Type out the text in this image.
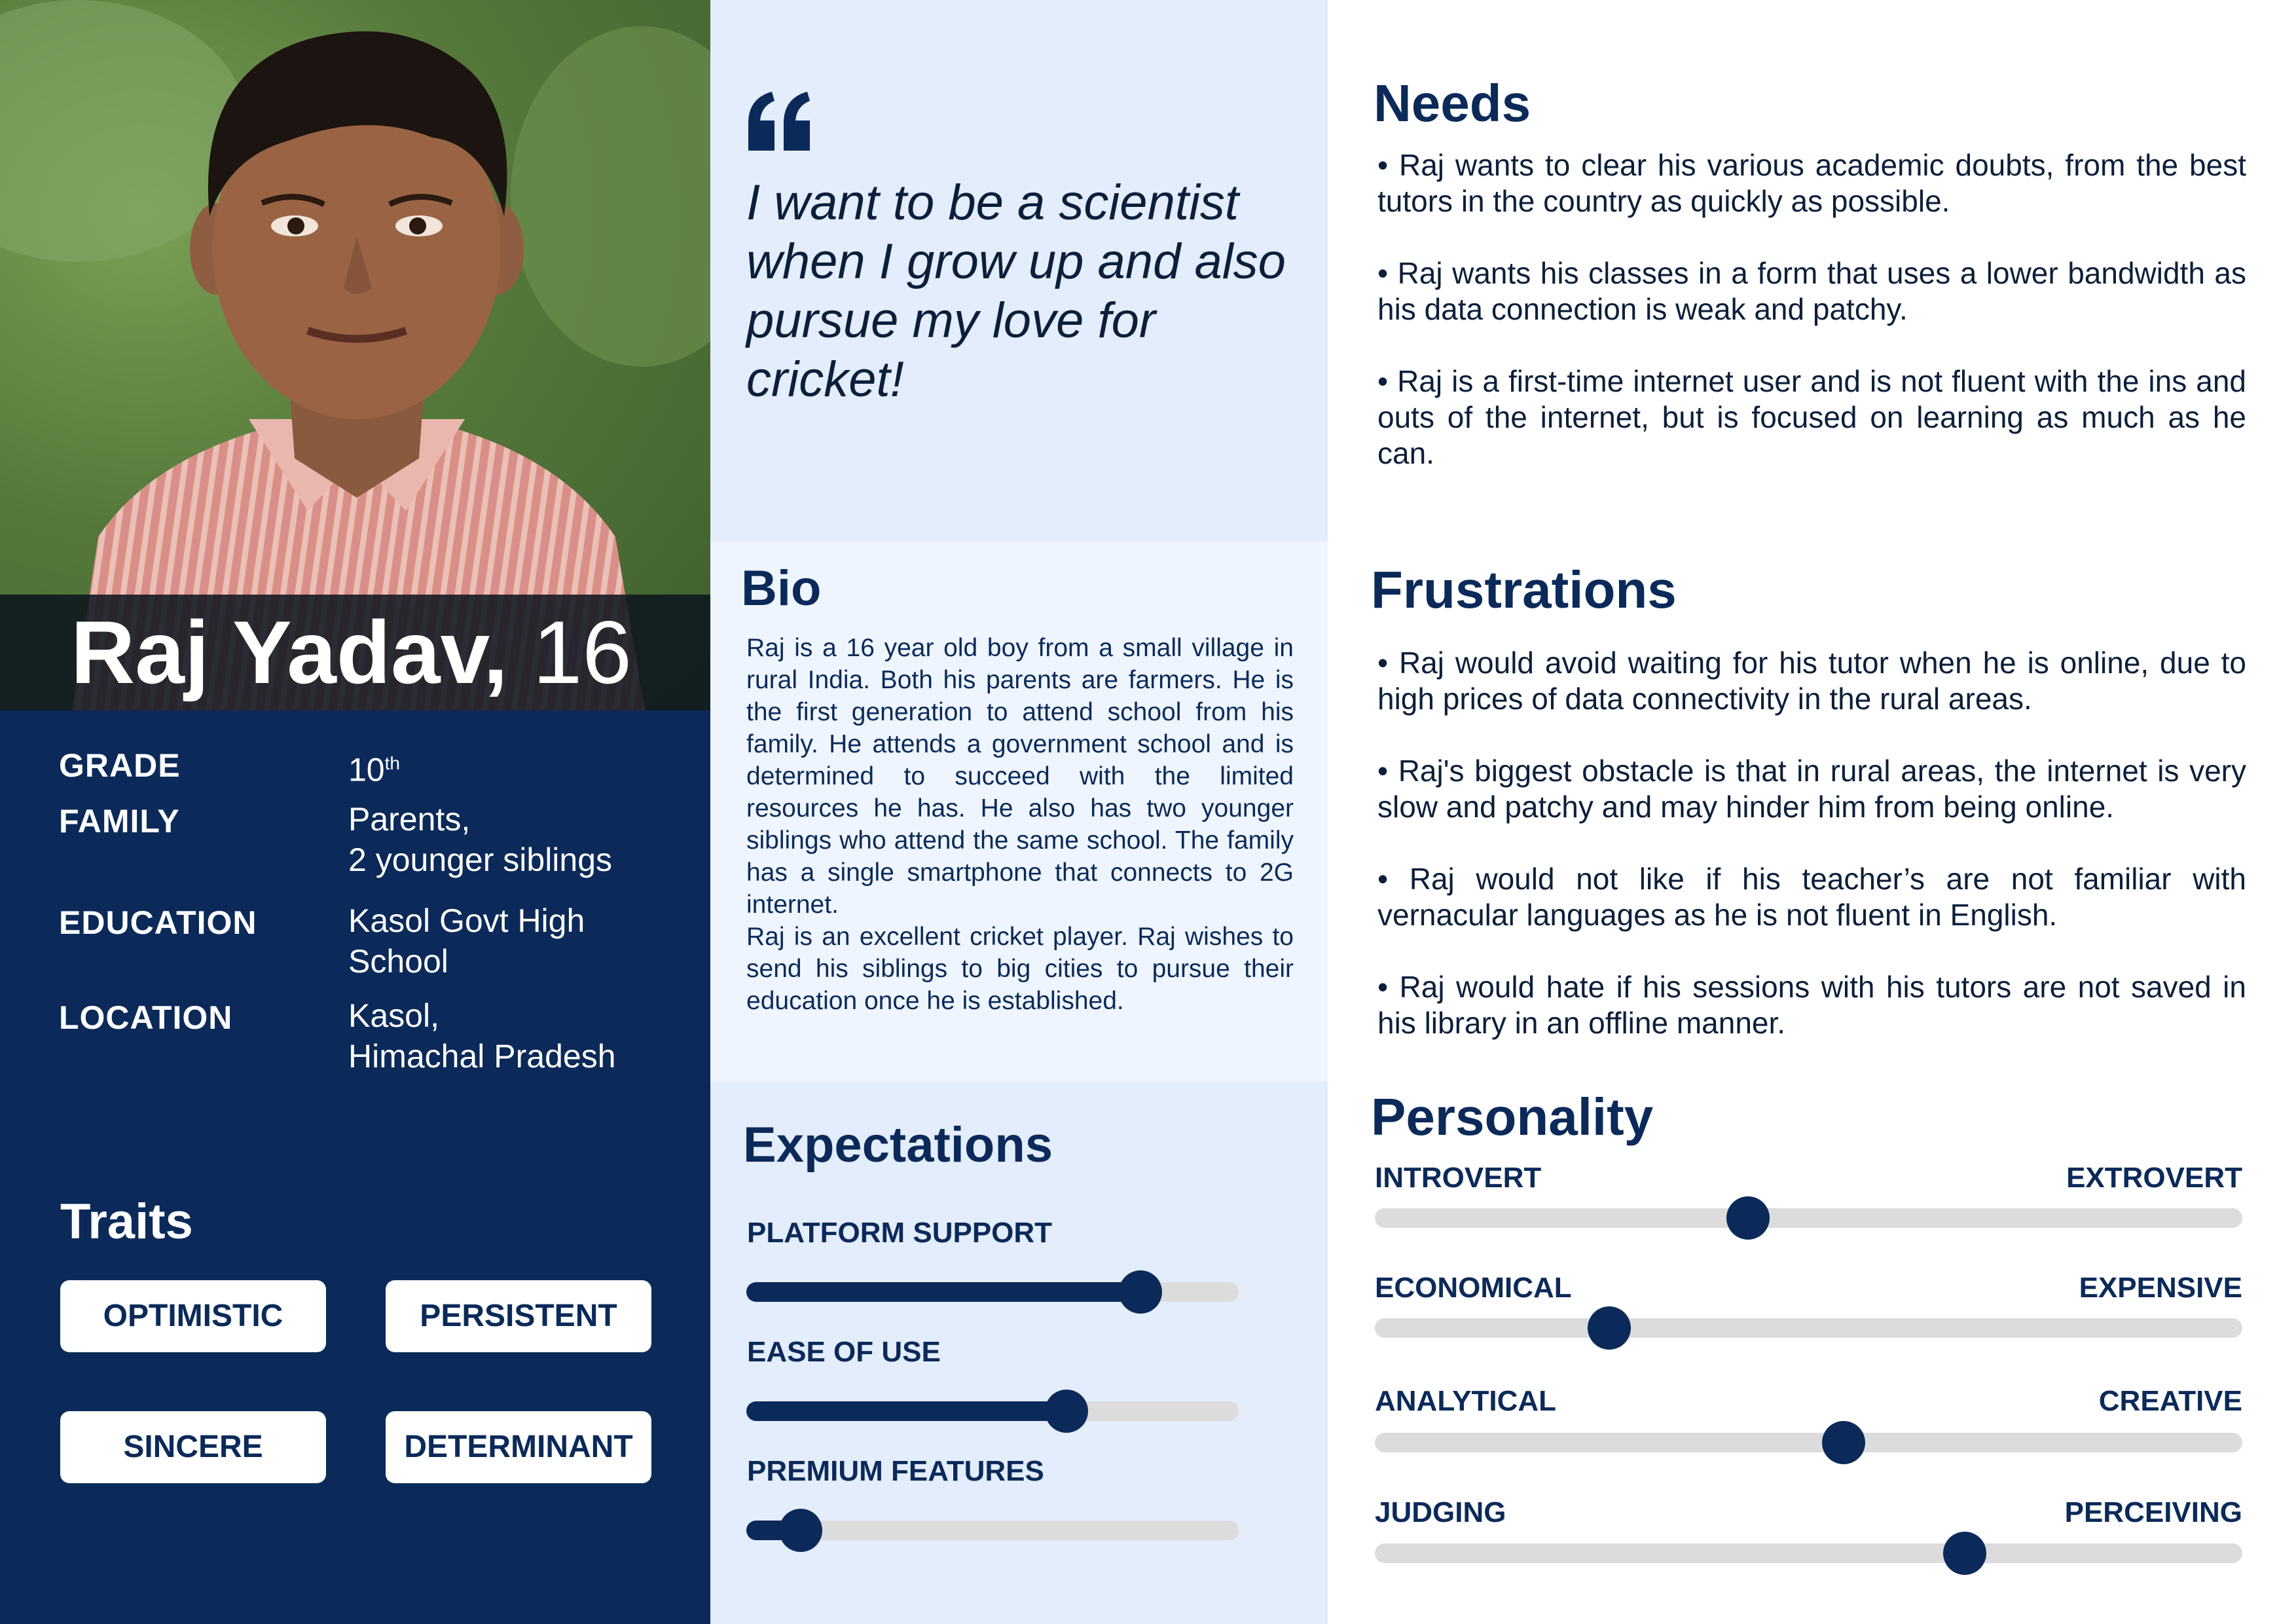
Raj Yadav, 16
GRADE	10th
FAMILY	Parents,
2 younger siblings
EDUCATION	Kasol Govt High
School
LOCATION	Kasol,
Himachal Pradesh
Traits
OPTIMISTIC	PERSISTENT
SINCERE	DETERMINANT
I want to be a scientist when I grow up and also pursue my love for cricket!
Bio

Raj is a 16 year old boy from a small village in rural India. Both his parents are farmers. He is the first generation to attend school from his family. He attends a government school and is determined to succeed with the limited resources he has. He also has two younger siblings who attend the same school. The family has a single smartphone that connects to 2G internet.

Raj is an excellent cricket player. Raj wishes to send his siblings to big cities to pursue their education once he is established.

Expectations
PLATFORM SUPPORT
EASE OF USE
PREMIUM FEATURES
Needs

• Raj wants to clear his various academic doubts, from the best tutors in the country as quickly as possible.

• Raj wants his classes in a form that uses a lower bandwidth as his data connection is weak and patchy.

• Raj is a first-time internet user and is not fluent with the ins and outs of the internet, but is focused on learning as much as he can.

Frustrations

• Raj would avoid waiting for his tutor when he is online, due to high prices of data connectivity in the rural areas.

• Raj's biggest obstacle is that in rural areas, the internet is very slow and patchy and may hinder him from being online.

• Raj would not like if his teacher’s are not familiar with vernacular languages as he is not fluent in English.

• Raj would hate if his sessions with his tutors are not saved in his library in an offline manner.

Personality
INTROVERT	EXTROVERT
ECONOMICAL	EXPENSIVE
ANALYTICAL	CREATIVE
JUDGING	PERCEIVING
